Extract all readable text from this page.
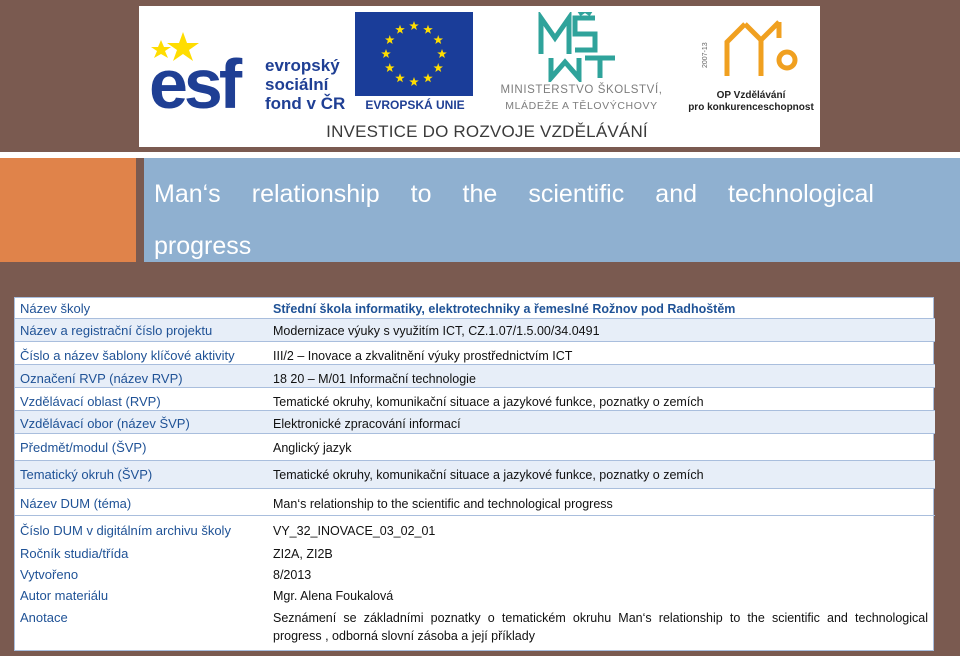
esf evropský
sociální
fond v ČR	EVROPSKÁ UNIE
MINISTERSTVO ŠKOLSTVÍ,
MLÁDEŽE A TĚLOVÝCHOVY
2007-13
OP Vzdělávání
pro konkurenceschopnost
INVESTICE DO ROZVOJE VZDĚLÁVÁNÍ
Man‘s relationship to the scientific and technological progress
Název školy	Střední škola informatiky, elektrotechniky a řemeslné Rožnov pod Radhoštěm
Název a registrační číslo projektu	Modernizace výuky s využitím ICT, CZ.1.07/1.5.00/34.0491
Číslo a název šablony klíčové aktivity	III/2 – Inovace a zkvalitnění výuky prostřednictvím ICT
Označení RVP (název RVP)	18 20 – M/01 Informační technologie
Vzdělávací oblast (RVP)	Tematické okruhy, komunikační situace a jazykové funkce, poznatky o zemích
Vzdělávací obor (název ŠVP)	Elektronické zpracování informací
Předmět/modul (ŠVP)	Anglický jazyk
Tematický okruh (ŠVP)	Tematické okruhy, komunikační situace a jazykové funkce, poznatky o zemích
Název DUM (téma)	Man‘s relationship to the scientific and technological progress
Číslo DUM v digitálním archivu školy	VY_32_INOVACE_03_02_01
Ročník studia/třída	ZI2A, ZI2B
Vytvořeno	8/2013
Autor materiálu	Mgr. Alena Foukalová
Anotace	Seznámení se základními poznatky o tematickém okruhu Man‘s relationship to the scientific and technological progress , odborná slovní zásoba a její příklady
